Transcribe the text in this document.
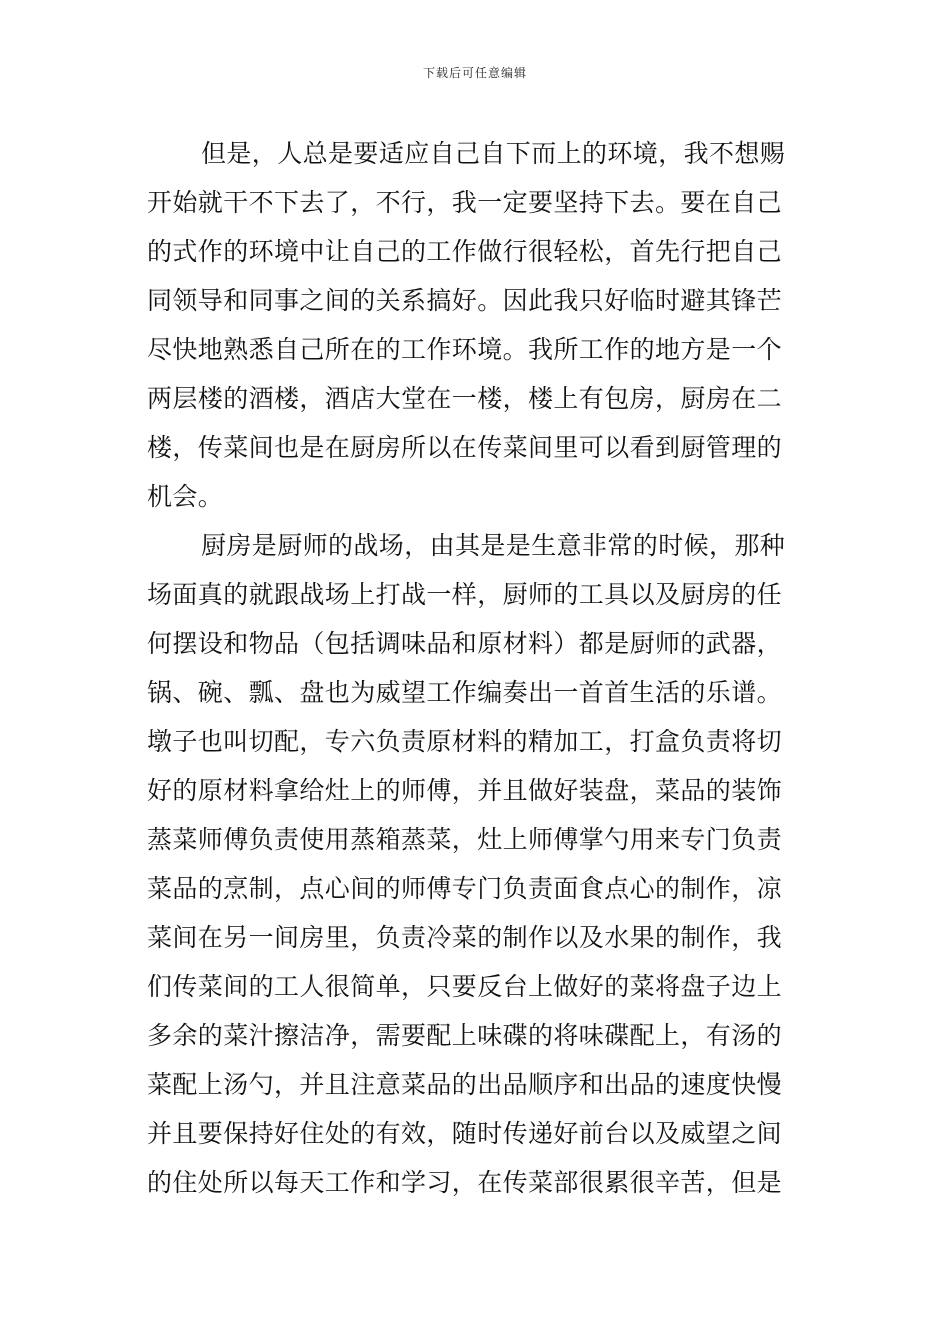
下载后可任意编辑
但是，人总是要适应自己自下而上的环境，我不想赐
开始就干不下去了，不行，我一定要坚持下去。要在自己
的式作的环境中让自己的工作做行很轻松，首先行把自己
同领导和同事之间的关系搞好。因此我只好临时避其锋芒
尽快地熟悉自己所在的工作环境。我所工作的地方是一个
两层楼的酒楼，酒店大堂在一楼，楼上有包房，厨房在二
楼，传菜间也是在厨房所以在传菜间里可以看到厨管理的
机会。
厨房是厨师的战场，由其是是生意非常的时候，那种
场面真的就跟战场上打战一样，厨师的工具以及厨房的任
何摆设和物品（包括调味品和原材料）都是厨师的武器，
锅、碗、瓢、盘也为威望工作编奏出一首首生活的乐谱。
墩子也叫切配，专六负责原材料的精加工，打盒负责将切
好的原材料拿给灶上的师傅，并且做好装盘，菜品的装饰
蒸菜师傅负责使用蒸箱蒸菜，灶上师傅掌勺用来专门负责
菜品的烹制，点心间的师傅专门负责面食点心的制作，凉
菜间在另一间房里，负责冷菜的制作以及水果的制作，我
们传菜间的工人很简单，只要反台上做好的菜将盘子边上
多余的菜汁擦洁净，需要配上味碟的将味碟配上，有汤的
菜配上汤勺，并且注意菜品的出品顺序和出品的速度快慢
并且要保持好住处的有效，随时传递好前台以及威望之间
的住处所以每天工作和学习，在传菜部很累很辛苦，但是
